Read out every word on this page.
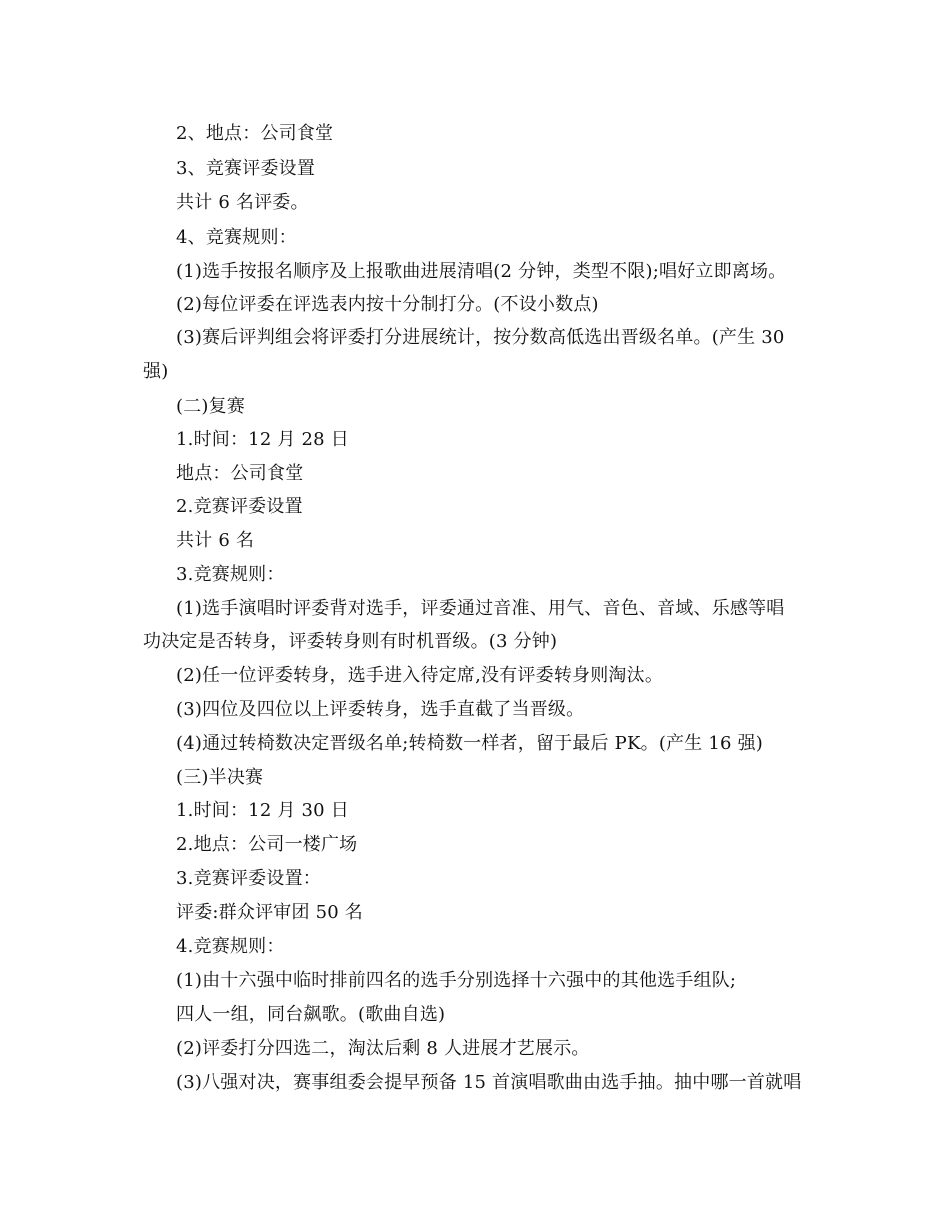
2、地点：公司食堂
3、竞赛评委设置
共计 6 名评委。
4、竞赛规则：
(1)选手按报名顺序及上报歌曲进展清唱(2 分钟，类型不限);唱好立即离场。
(2)每位评委在评选表内按十分制打分。(不设小数点)
(3)赛后评判组会将评委打分进展统计，按分数高低选出晋级名单。(产生 30
强)
(二)复赛
1.时间：12 月 28 日
地点：公司食堂
2.竞赛评委设置
共计 6 名
3.竞赛规则：
(1)选手演唱时评委背对选手，评委通过音准、用气、音色、音域、乐感等唱
功决定是否转身，评委转身则有时机晋级。(3 分钟)
(2)任一位评委转身，选手进入待定席,没有评委转身则淘汰。
(3)四位及四位以上评委转身，选手直截了当晋级。
(4)通过转椅数决定晋级名单;转椅数一样者，留于最后 PK。(产生 16 强)
(三)半决赛
1.时间：12 月 30 日
2.地点：公司一楼广场
3.竞赛评委设置：
评委:群众评审团 50 名
4.竞赛规则：
(1)由十六强中临时排前四名的选手分别选择十六强中的其他选手组队;
四人一组，同台飙歌。(歌曲自选)
(2)评委打分四选二，淘汰后剩 8 人进展才艺展示。
(3)八强对决，赛事组委会提早预备 15 首演唱歌曲由选手抽。抽中哪一首就唱
